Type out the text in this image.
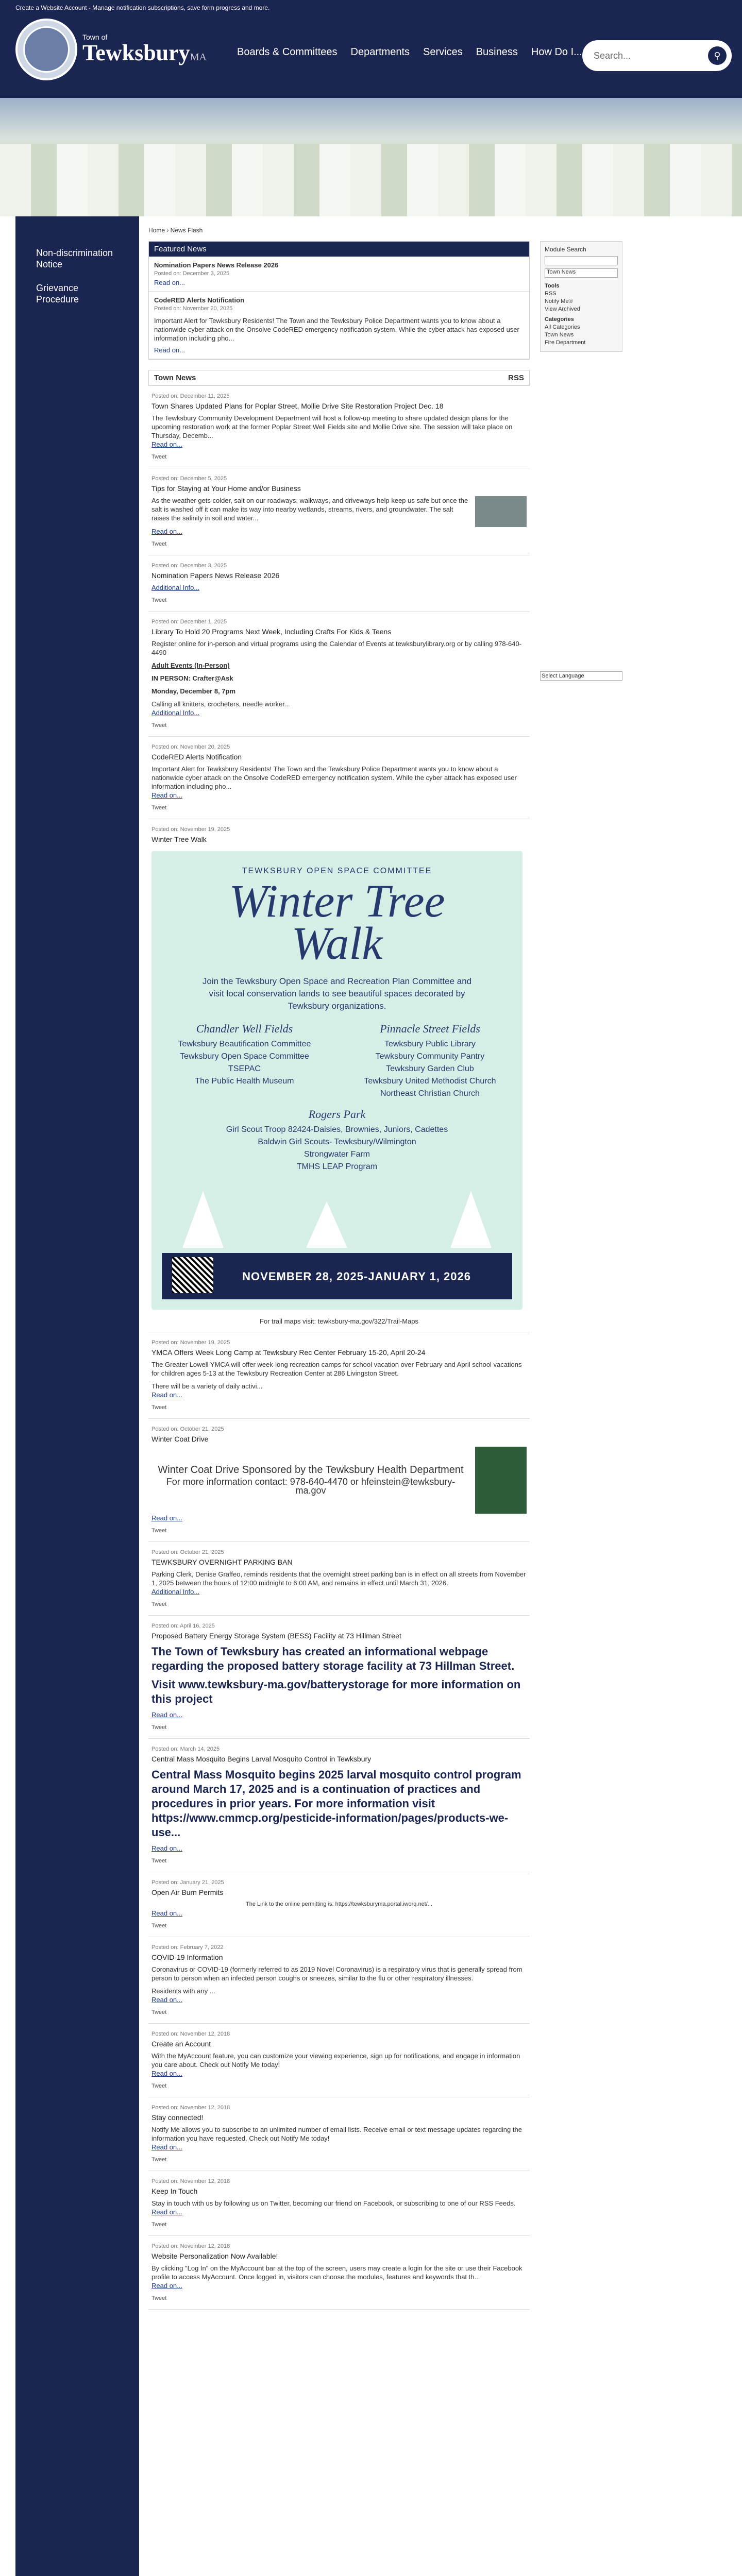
Create a Website Account - Manage notification subscriptions, save form progress and more.
Town of
TewksburyMA	Boards & Committees Departments Services Business How Do I... Search...	⚲
Non-discrimination Notice
Grievance Procedure
Home › News Flash
Featured News
Nomination Papers News Release 2026
Posted on: December 3, 2025
Read on...
CodeRED Alerts Notification
Posted on: November 20, 2025

Important Alert for Tewksbury Residents! The Town and the Tewksbury Police Department wants you to know about a nationwide cyber attack on the Onsolve CodeRED emergency notification system. While the cyber attack has exposed user information including pho...

Read on...
Town News	RSS
Posted on: December 11, 2025
Town Shares Updated Plans for Poplar Street, Mollie Drive Site Restoration Project Dec. 18

The Tewksbury Community Development Department will host a follow-up meeting to share updated design plans for the upcoming restoration work at the former Poplar Street Well Fields site and Mollie Drive site. The session will take place on Thursday, Decemb...

Read on...
Tweet
Posted on: December 5, 2025
Tips for Staying at Your Home and/or Business

As the weather gets colder, salt on our roadways, walkways, and driveways help keep us safe but once the salt is washed off it can make its way into nearby wetlands, streams, rivers, and groundwater. The salt raises the salinity in soil and water...

Read on...
Tweet
Posted on: December 3, 2025
Nomination Papers News Release 2026
Additional Info...
Tweet
Posted on: December 1, 2025
Library To Hold 20 Programs Next Week, Including Crafts For Kids & Teens

Register online for in-person and virtual programs using the Calendar of Events at tewksburylibrary.org or by calling 978-640-4490

Adult Events (In-Person)

IN PERSON: Crafter@Ask

Monday, December 8, 7pm

Calling all knitters, crocheters, needle worker...

Additional Info...
Tweet
Posted on: November 20, 2025
CodeRED Alerts Notification

Important Alert for Tewksbury Residents! The Town and the Tewksbury Police Department wants you to know about a nationwide cyber attack on the Onsolve CodeRED emergency notification system. While the cyber attack has exposed user information including pho...

Read on...
Tweet
Posted on: November 19, 2025
Winter Tree Walk
TEWKSBURY OPEN SPACE COMMITTEE
Winter Tree
Walk
Join the Tewksbury Open Space and Recreation Plan Committee and visit local conservation lands to see beautiful spaces decorated by Tewksbury organizations.
Chandler Well Fields
Tewksbury Beautification Committee
Tewksbury Open Space Committee
TSEPAC
The Public Health Museum
Pinnacle Street Fields
Tewksbury Public Library
Tewksbury Community Pantry
Tewksbury Garden Club
Tewksbury United Methodist Church
Northeast Christian Church
Rogers Park
Girl Scout Troop 82424-Daisies, Brownies, Juniors, Cadettes
Baldwin Girl Scouts- Tewksbury/Wilmington
Strongwater Farm
TMHS LEAP Program
NOVEMBER 28, 2025-JANUARY 1, 2026
For trail maps visit: tewksbury-ma.gov/322/Trail-Maps
Posted on: November 19, 2025
YMCA Offers Week Long Camp at Tewksbury Rec Center February 15-20, April 20-24

The Greater Lowell YMCA will offer week-long recreation camps for school vacation over February and April school vacations for children ages 5-13 at the Tewksbury Recreation Center at 286 Livingston Street.

There will be a variety of daily activi...

Read on...
Tweet
Posted on: October 21, 2025
Winter Coat Drive
Winter Coat Drive Sponsored by the Tewksbury Health Department
For more information contact: 978-640-4470 or hfeinstein@tewksbury-ma.gov
Read on...
Tweet
Posted on: October 21, 2025
TEWKSBURY OVERNIGHT PARKING BAN

Parking Clerk, Denise Graffeo, reminds residents that the overnight street parking ban is in effect on all streets from November 1, 2025 between the hours of 12:00 midnight to 6:00 AM, and remains in effect until March 31, 2026.

Additional Info...
Tweet
Posted on: April 16, 2025
Proposed Battery Energy Storage System (BESS) Facility at 73 Hillman Street
The Town of Tewksbury has created an informational webpage regarding the proposed battery storage facility at 73 Hillman Street.
Visit www.tewksbury-ma.gov/batterystorage for more information on this project
Read on...
Tweet
Posted on: March 14, 2025
Central Mass Mosquito Begins Larval Mosquito Control in Tewksbury
Central Mass Mosquito begins 2025 larval mosquito control program around March 17, 2025 and is a continuation of practices and procedures in prior years. For more information visit https://www.cmmcp.org/pesticide-information/pages/products-we-use...
Read on...
Tweet
Posted on: January 21, 2025
Open Air Burn Permits

The Link to the online permitting is: https://tewksburyma.portal.iworq.net/...

Read on...
Tweet
Posted on: February 7, 2022
COVID-19 Information

Coronavirus or COVID-19 (formerly referred to as 2019 Novel Coronavirus) is a respiratory virus that is generally spread from person to person when an infected person coughs or sneezes, similar to the flu or other respiratory illnesses.

Residents with any ...

Read on...
Tweet
Posted on: November 12, 2018
Create an Account

With the MyAccount feature, you can customize your viewing experience, sign up for notifications, and engage in information you care about. Check out Notify Me today!

Read on...
Tweet
Posted on: November 12, 2018
Stay connected!

Notify Me allows you to subscribe to an unlimited number of email lists. Receive email or text message updates regarding the information you have requested. Check out Notify Me today!

Read on...
Tweet
Posted on: November 12, 2018
Keep In Touch

Stay in touch with us by following us on Twitter, becoming our friend on Facebook, or subscribing to one of our RSS Feeds.

Read on...
Tweet
Posted on: November 12, 2018
Website Personalization Now Available!

By clicking "Log In" on the MyAccount bar at the top of the screen, users may create a login for the site or use their Facebook profile to access MyAccount. Once logged in, visitors can choose the modules, features and keywords that th...

Read on...
Tweet
Module Search
Town News
Tools
RSS
Notify Me®
View Archived
Categories
All Categories
Town News
Fire Department
Select Language
